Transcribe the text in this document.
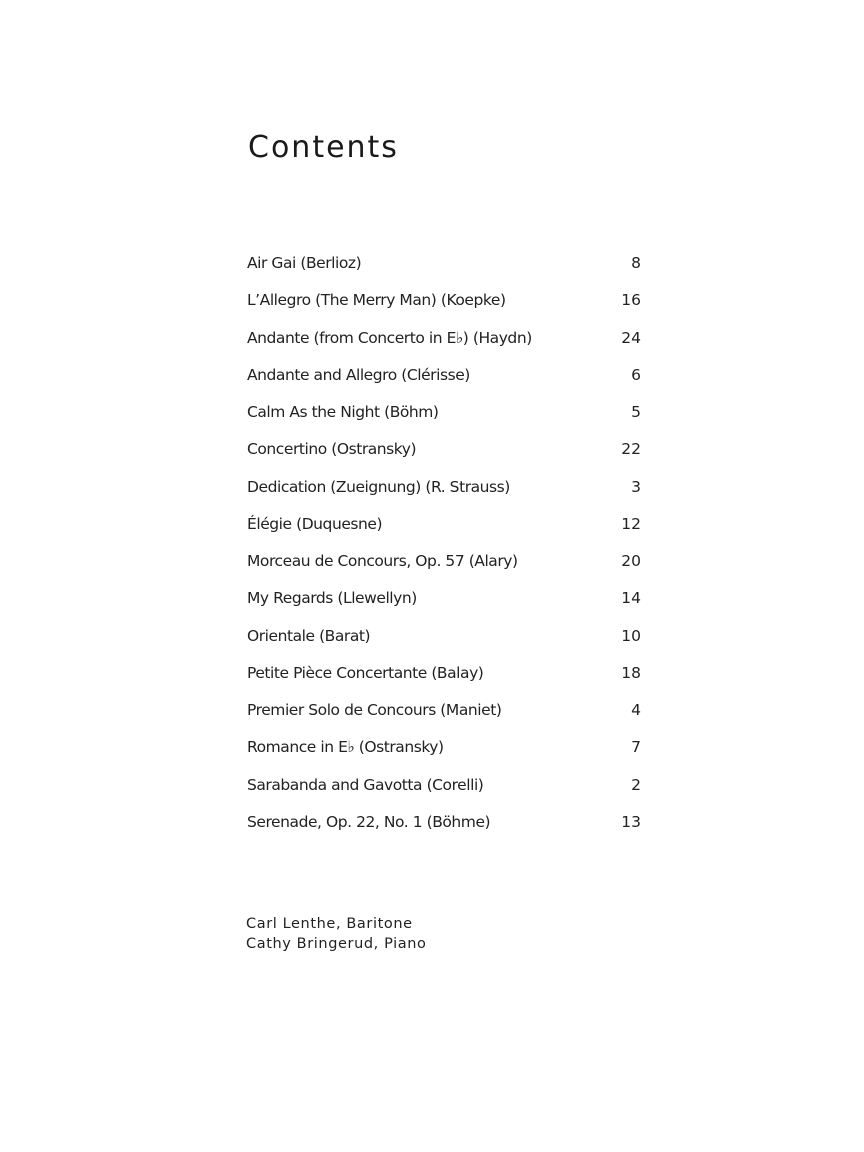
Contents
Air Gai (Berlioz)	8
L’Allegro (The Merry Man) (Koepke)	16
Andante (from Concerto in E♭) (Haydn)	24
Andante and Allegro (Clérisse)	6
Calm As the Night (Böhm)	5
Concertino (Ostransky)	22
Dedication (Zueignung) (R. Strauss)	3
Élégie (Duquesne)	12
Morceau de Concours, Op. 57 (Alary)	20
My Regards (Llewellyn)	14
Orientale (Barat)	10
Petite Pièce Concertante (Balay)	18
Premier Solo de Concours (Maniet)	4
Romance in E♭ (Ostransky)	7
Sarabanda and Gavotta (Corelli)	2
Serenade, Op. 22, No. 1 (Böhme)	13
Carl Lenthe, Baritone
Cathy Bringerud, Piano
